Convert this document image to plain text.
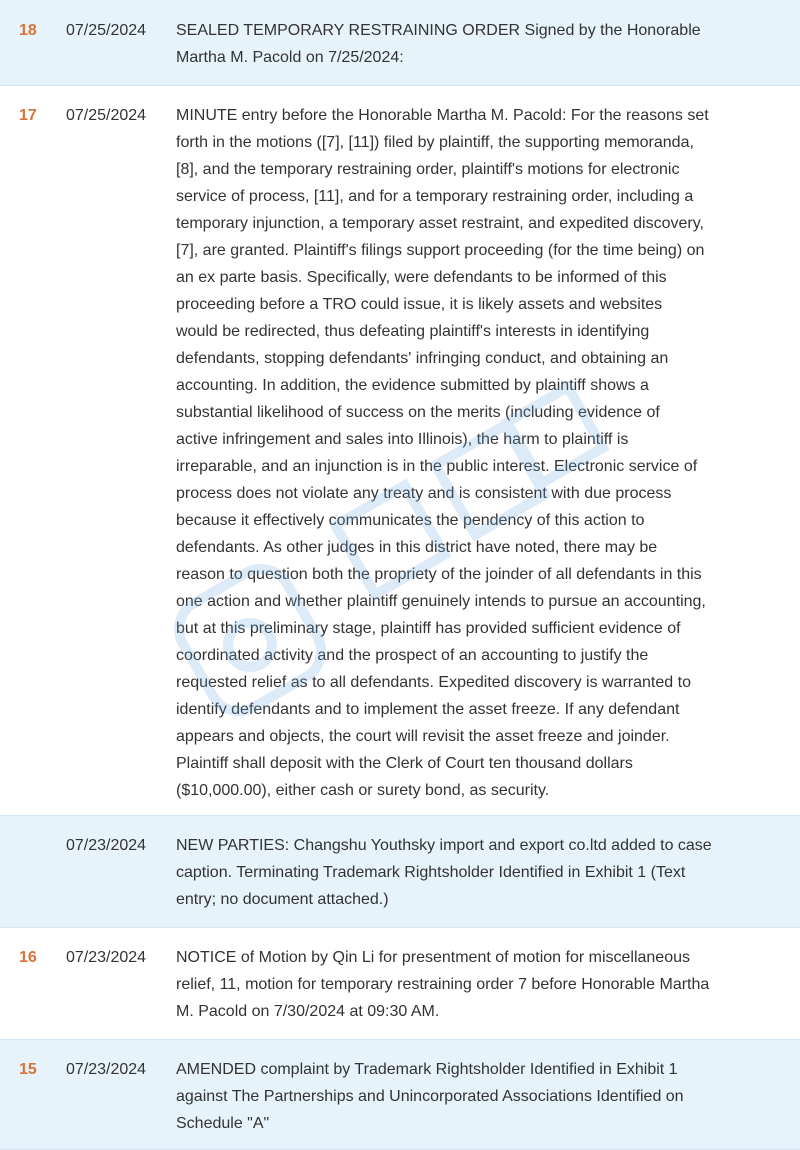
18 07/25/2024 SEALED TEMPORARY RESTRAINING ORDER Signed by the Honorable
Martha M. Pacold on 7/25/2024:
17 07/25/2024 MINUTE entry before the Honorable Martha M. Pacold: For the reasons set
forth in the motions ([7], [11]) filed by plaintiff, the supporting memoranda,
[8], and the temporary restraining order, plaintiff's motions for electronic
service of process, [11], and for a temporary restraining order, including a
temporary injunction, a temporary asset restraint, and expedited discovery,
[7], are granted. Plaintiff's filings support proceeding (for the time being) on
an ex parte basis. Specifically, were defendants to be informed of this
proceeding before a TRO could issue, it is likely assets and websites
would be redirected, thus defeating plaintiff's interests in identifying
defendants, stopping defendants' infringing conduct, and obtaining an
accounting. In addition, the evidence submitted by plaintiff shows a
substantial likelihood of success on the merits (including evidence of
active infringement and sales into Illinois), the harm to plaintiff is
irreparable, and an injunction is in the public interest. Electronic service of
process does not violate any treaty and is consistent with due process
because it effectively communicates the pendency of this action to
defendants. As other judges in this district have noted, there may be
reason to question both the propriety of the joinder of all defendants in this
one action and whether plaintiff genuinely intends to pursue an accounting,
but at this preliminary stage, plaintiff has provided sufficient evidence of
coordinated activity and the prospect of an accounting to justify the
requested relief as to all defendants. Expedited discovery is warranted to
identify defendants and to implement the asset freeze. If any defendant
appears and objects, the court will revisit the asset freeze and joinder.
Plaintiff shall deposit with the Clerk of Court ten thousand dollars
($10,000.00), either cash or surety bond, as security.
07/23/2024 NEW PARTIES: Changshu Youthsky import and export co.ltd added to case
caption. Terminating Trademark Rightsholder Identified in Exhibit 1 (Text
entry; no document attached.)
16 07/23/2024 NOTICE of Motion by Qin Li for presentment of motion for miscellaneous
relief, 11, motion for temporary restraining order 7 before Honorable Martha
M. Pacold on 7/30/2024 at 09:30 AM.
15 07/23/2024 AMENDED complaint by Trademark Rightsholder Identified in Exhibit 1
against The Partnerships and Unincorporated Associations Identified on
Schedule "A"
